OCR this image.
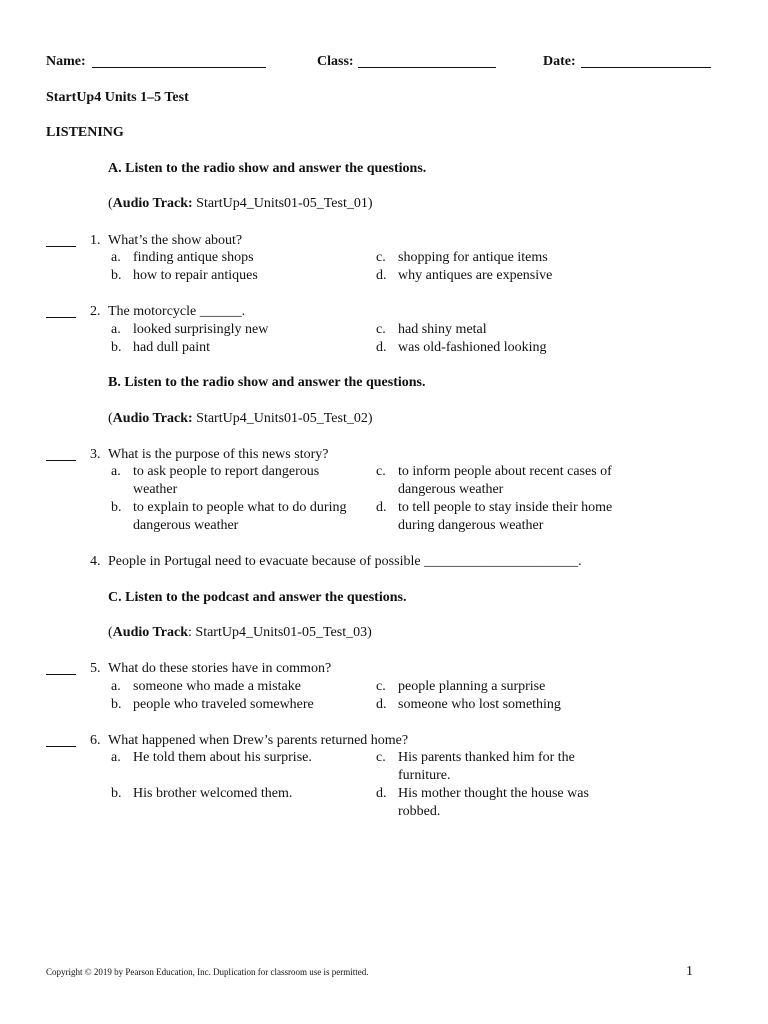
Name:	Class:	Date:
StartUp4 Units 1–5 Test
LISTENING
A. Listen to the radio show and answer the questions.
(Audio Track: StartUp4_Units01-05_Test_01)
1. What’s the show about?
a. finding antique shops
b. how to repair antiques
c. shopping for antique items
d. why antiques are expensive
2. The motorcycle ______.
a. looked surprisingly new
b. had dull paint
c. had shiny metal
d. was old-fashioned looking
B. Listen to the radio show and answer the questions.
(Audio Track: StartUp4_Units01-05_Test_02)
3. What is the purpose of this news story?
a. to ask people to report dangerous weather
b. to explain to people what to do during dangerous weather
c. to inform people about recent cases of dangerous weather
d. to tell people to stay inside their home during dangerous weather
4. People in Portugal need to evacuate because of possible ______________________.
C. Listen to the podcast and answer the questions.
(Audio Track: StartUp4_Units01-05_Test_03)
5. What do these stories have in common?
a. someone who made a mistake
b. people who traveled somewhere
c. people planning a surprise
d. someone who lost something
6. What happened when Drew’s parents returned home?
a. He told them about his surprise.
b. His brother welcomed them.
c. His parents thanked him for the furniture.
d. His mother thought the house was robbed.
Copyright © 2019 by Pearson Education, Inc. Duplication for classroom use is permitted.	1
